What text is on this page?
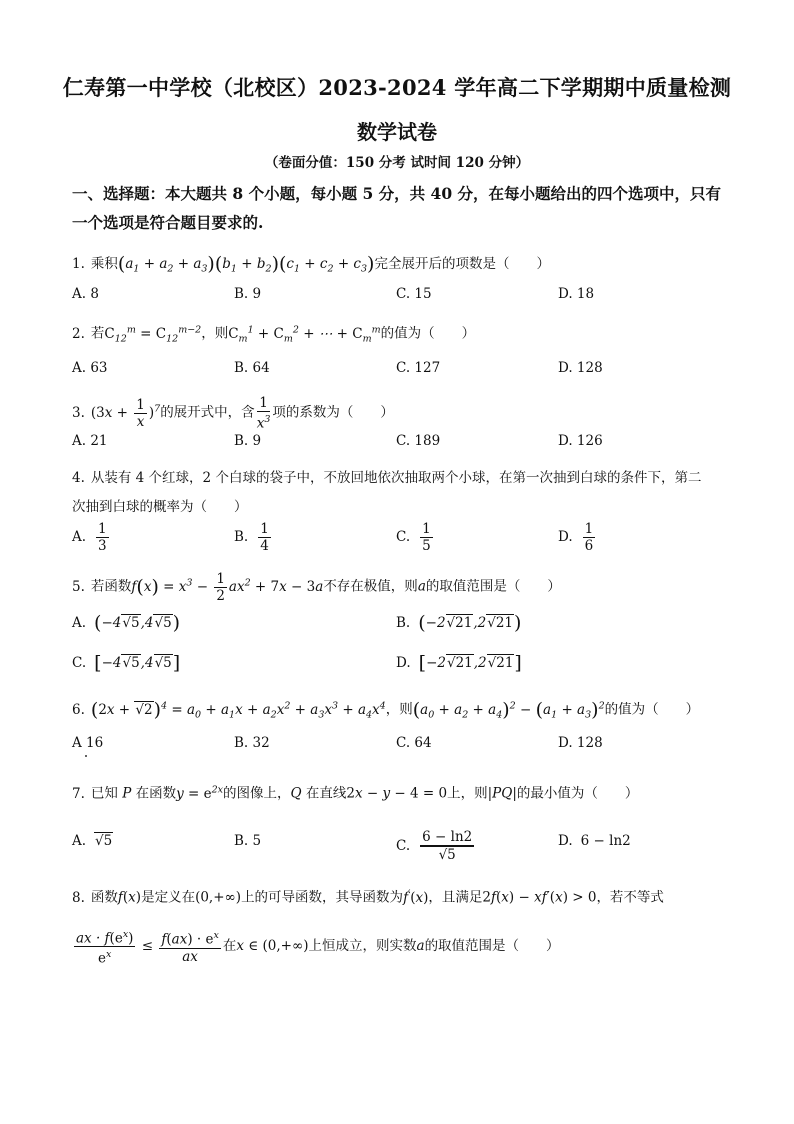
仁寿第一中学校（北校区）2023-2024 学年高二下学期期中质量检测
数学试卷
（卷面分值：150 分考 试时间 120 分钟）
一、选择题：本大题共 8 个小题，每小题 5 分，共 40 分，在每小题给出的四个选项中，只有
一个选项是符合题目要求的.
1. 乘积$(a_1 + a_2 + a_3)(b_1 + b_2)(c_1 + c_2 + c_3)$完全展开后的项数是（　　）
A. 8	B. 9	C. 15	D. 18
2. 若$C_{12}^m = C_{12}^{m-2}$，则$C_m^1 + C_m^2$ + ⋯ + $C_m^m$的值为（　　）
A. 63	B. 64	C. 127	D. 128
3. $(3x + \frac{1}{x} )^7$的展开式中，含 $\frac{1}{x^3}$ 项的系数为（　　）
A. 21	B. 9	C. 189	D. 126
4. 从装有 4 个红球，2 个白球的袋子中，不放回地依次抽取两个小球，在第一次抽到白球的条件下，第二
次抽到白球的概率为（　　）
A. $\frac{1}{3}$	B. $\frac{1}{4}$	C. $\frac{1}{5}$	D. $\frac{1}{6}$
5. 若函数$f(x) = x^3 - \frac{1}{2} ax^2 + 7x - 3a$不存在极值，则a的取值范围是（　　）
A. (−4√5,4√5)	B. (−2√21,2√21)
C. [−4√5,4√5]	D. [−2√21,2√21]
6. $(2x + √2)^4 = a_0 + a_1x + a_2x^2 + a_3x^3 + a_4x^4$，则$(a_0 + a_2 + a_4)^2 - (a_1 + a_3)^2$的值为（　　）
A 16	B. 32	C. 64	D. 128
7. 已知 P 在函数$y = e^{2x}$的图像上，Q 在直线2x − y − 4 = 0上，则|PQ|的最小值为（　　）
A. √5	B. 5	C. $\frac{6 - \ln 2}{√5}$	D. 6 − ln2
8. 函数f(x)是定义在(0,+∞)上的可导函数，其导函数为f′(x)，且满足2f(x) − xf′(x) > 0，若不等式
$\frac{ax \cdot f(e^x)}{e^x} \le \frac{f(ax) \cdot e^x}{ax}$ 在x ∈ (0,+∞)上恒成立，则实数a的取值范围是（　　）
